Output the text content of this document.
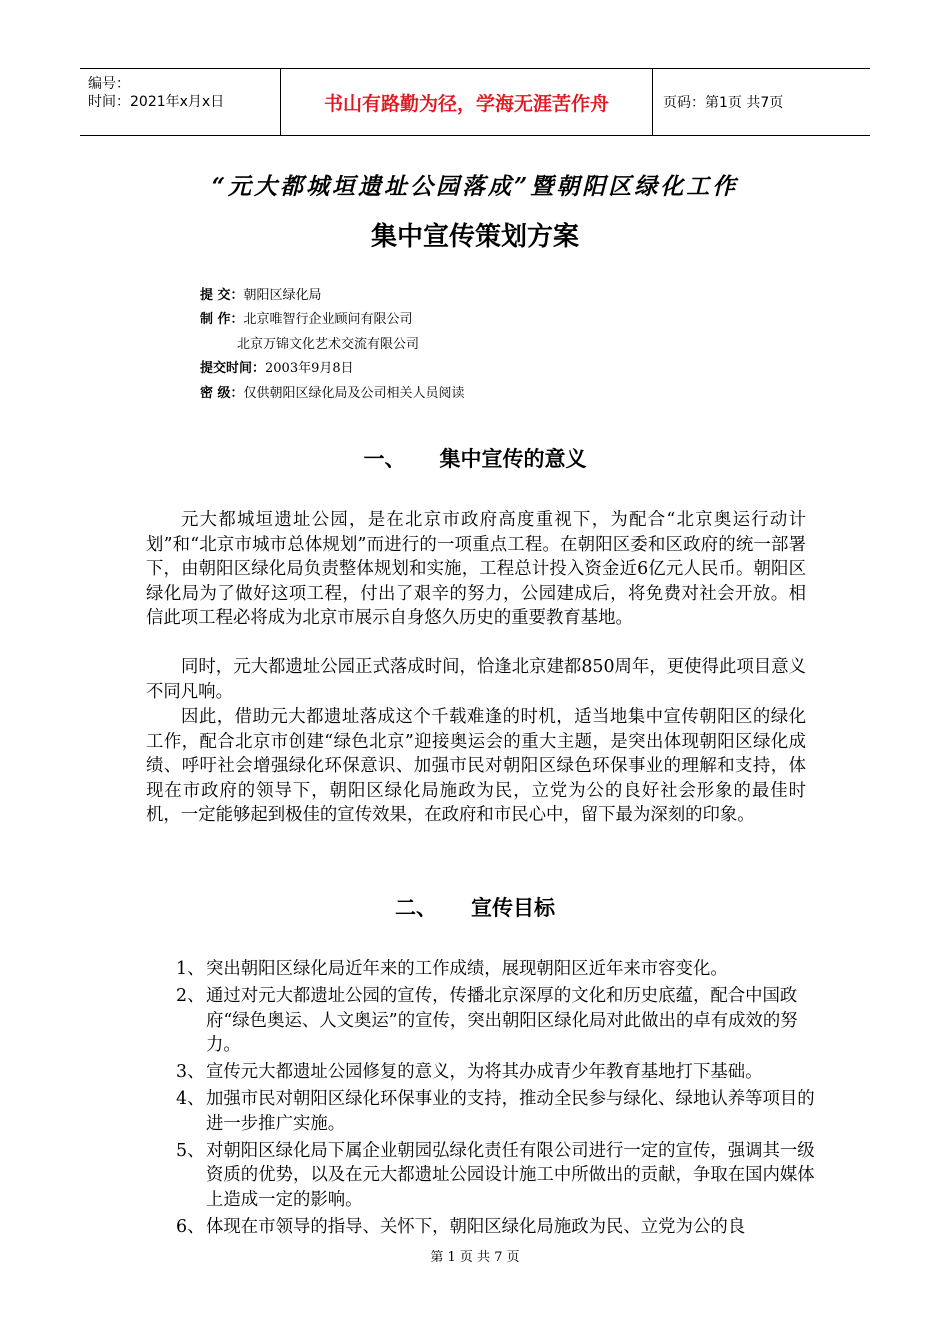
编号：
时间：2021年x月x日	书山有路勤为径，学海无涯苦作舟	页码：第1页 共7页
“元大都城垣遗址公园落成”暨朝阳区绿化工作
集中宣传策划方案
提 交：朝阳区绿化局
制 作：北京唯智行企业顾问有限公司
北京万锦文化艺术交流有限公司
提交时间：2003年9月8日
密 级：仅供朝阳区绿化局及公司相关人员阅读
一、 集中宣传的意义
元大都城垣遗址公园，是在北京市政府高度重视下，为配合“北京奥运行动计划”和“北京市城市总体规划”而进行的一项重点工程。在朝阳区委和区政府的统一部署下，由朝阳区绿化局负责整体规划和实施，工程总计投入资金近6亿元人民币。朝阳区绿化局为了做好这项工程，付出了艰辛的努力，公园建成后，将免费对社会开放。相信此项工程必将成为北京市展示自身悠久历史的重要教育基地。
同时，元大都遗址公园正式落成时间，恰逢北京建都850周年，更使得此项目意义不同凡响。
因此，借助元大都遗址落成这个千载难逢的时机，适当地集中宣传朝阳区的绿化工作，配合北京市创建“绿色北京”迎接奥运会的重大主题，是突出体现朝阳区绿化成绩、呼吁社会增强绿化环保意识、加强市民对朝阳区绿色环保事业的理解和支持，体现在市政府的领导下，朝阳区绿化局施政为民，立党为公的良好社会形象的最佳时机，一定能够起到极佳的宣传效果，在政府和市民心中，留下最为深刻的印象。
二、 宣传目标
1、突出朝阳区绿化局近年来的工作成绩，展现朝阳区近年来市容变化。
2、通过对元大都遗址公园的宣传，传播北京深厚的文化和历史底蕴，配合中国政府“绿色奥运、人文奥运”的宣传，突出朝阳区绿化局对此做出的卓有成效的努力。
3、宣传元大都遗址公园修复的意义，为将其办成青少年教育基地打下基础。
4、加强市民对朝阳区绿化环保事业的支持，推动全民参与绿化、绿地认养等项目的进一步推广实施。
5、对朝阳区绿化局下属企业朝园弘绿化责任有限公司进行一定的宣传，强调其一级资质的优势，以及在元大都遗址公园设计施工中所做出的贡献，争取在国内媒体上造成一定的影响。
6、体现在市领导的指导、关怀下，朝阳区绿化局施政为民、立党为公的良
第 1 页 共 7 页
